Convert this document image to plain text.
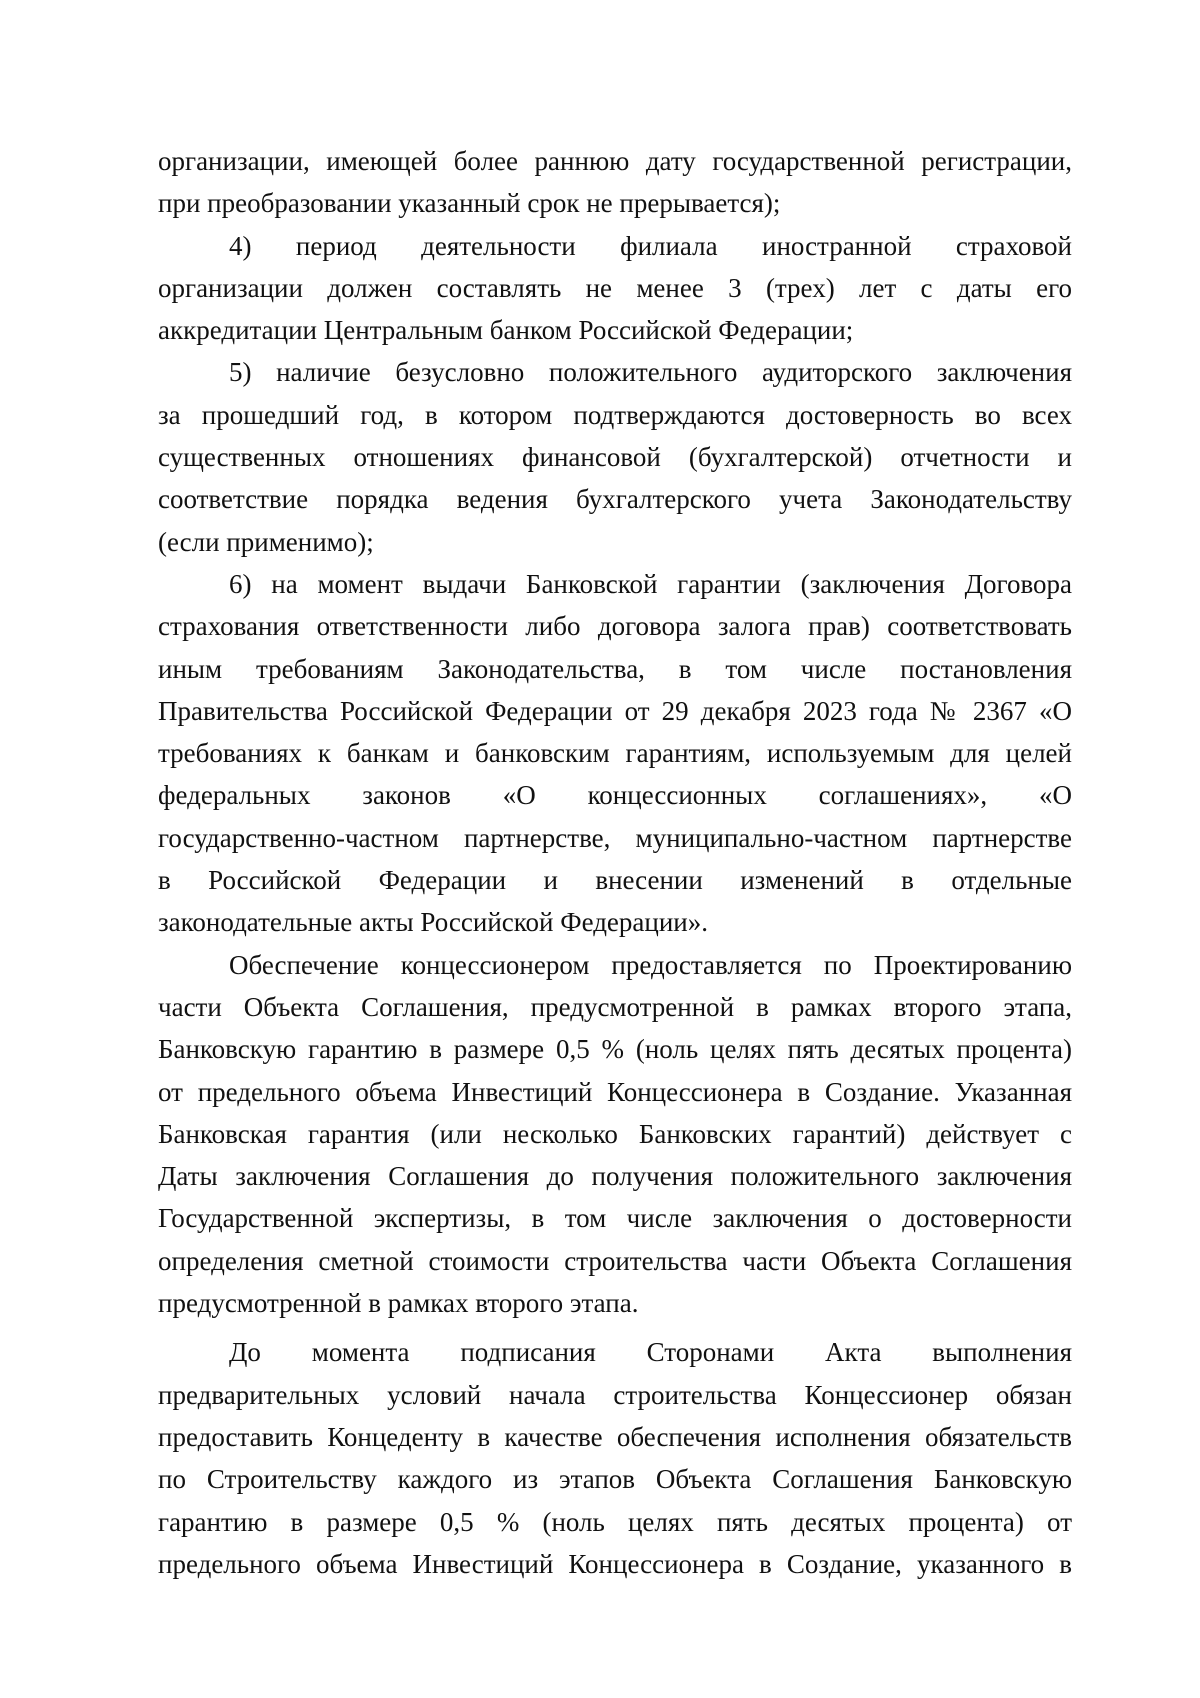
организации, имеющей более раннюю дату государственной регистрации,
при преобразовании указанный срок не прерывается);
4) период деятельности филиала иностранной страховой
организации должен составлять не менее 3 (трех) лет с даты его
аккредитации Центральным банком Российской Федерации;
5) наличие безусловно положительного аудиторского заключения
за прошедший год, в котором подтверждаются достоверность во всех
существенных отношениях финансовой (бухгалтерской) отчетности и
соответствие порядка ведения бухгалтерского учета Законодательству
(если применимо);
6) на момент выдачи Банковской гарантии (заключения Договора
страхования ответственности либо договора залога прав) соответствовать
иным требованиям Законодательства, в том числе постановления
Правительства Российской Федерации от 29 декабря 2023 года № 2367 «О
требованиях к банкам и банковским гарантиям, используемым для целей
федеральных законов «О концессионных соглашениях», «О
государственно-частном партнерстве, муниципально-частном партнерстве
в Российской Федерации и внесении изменений в отдельные
законодательные акты Российской Федерации».
Обеспечение концессионером предоставляется по Проектированию
части Объекта Соглашения, предусмотренной в рамках второго этапа,
Банковскую гарантию в размере 0,5 % (ноль целях пять десятых процента)
от предельного объема Инвестиций Концессионера в Создание. Указанная
Банковская гарантия (или несколько Банковских гарантий) действует с
Даты заключения Соглашения до получения положительного заключения
Государственной экспертизы, в том числе заключения о достоверности
определения сметной стоимости строительства части Объекта Соглашения
предусмотренной в рамках второго этапа.
До момента подписания Сторонами Акта выполнения
предварительных условий начала строительства Концессионер обязан
предоставить Концеденту в качестве обеспечения исполнения обязательств
по Строительству каждого из этапов Объекта Соглашения Банковскую
гарантию в размере 0,5 % (ноль целях пять десятых процента) от
предельного объема Инвестиций Концессионера в Создание, указанного в
